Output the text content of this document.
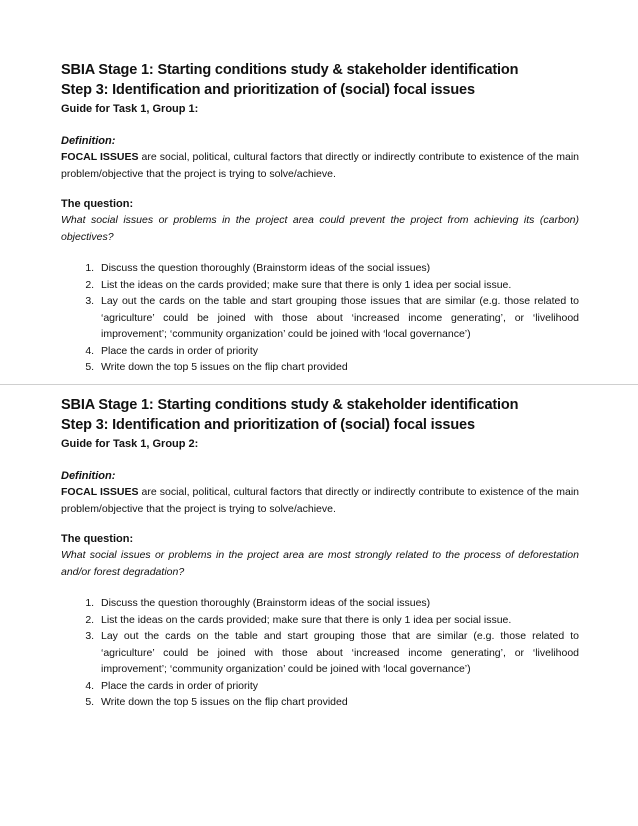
SBIA Stage 1: Starting conditions study & stakeholder identification
Step 3: Identification and prioritization of (social) focal issues
Guide for Task 1, Group 1:
Definition:
FOCAL ISSUES are social, political, cultural factors that directly or indirectly contribute to existence of the main problem/objective that the project is trying to solve/achieve.
The question:
What social issues or problems in the project area could prevent the project from achieving its (carbon) objectives?
1. Discuss the question thoroughly (Brainstorm ideas of the social issues)
2. List the ideas on the cards provided; make sure that there is only 1 idea per social issue.
3. Lay out the cards on the table and start grouping those issues that are similar (e.g. those related to ‘agriculture’ could be joined with those about ‘increased income generating’, or ‘livelihood improvement’; ‘community organization’ could be joined with ‘local governance’)
4. Place the cards in order of priority
5. Write down the top 5 issues on the flip chart provided
SBIA Stage 1: Starting conditions study & stakeholder identification
Step 3: Identification and prioritization of (social) focal issues
Guide for Task 1, Group 2:
Definition:
FOCAL ISSUES are social, political, cultural factors that directly or indirectly contribute to existence of the main problem/objective that the project is trying to solve/achieve.
The question:
What social issues or problems in the project area are most strongly related to the process of deforestation and/or forest degradation?
1. Discuss the question thoroughly (Brainstorm ideas of the social issues)
2. List the ideas on the cards provided; make sure that there is only 1 idea per social issue.
3. Lay out the cards on the table and start grouping those that are similar (e.g. those related to ‘agriculture’ could be joined with those about ‘increased income generating’, or ‘livelihood improvement’; ‘community organization’ could be joined with ‘local governance’)
4. Place the cards in order of priority
5. Write down the top 5 issues on the flip chart provided
